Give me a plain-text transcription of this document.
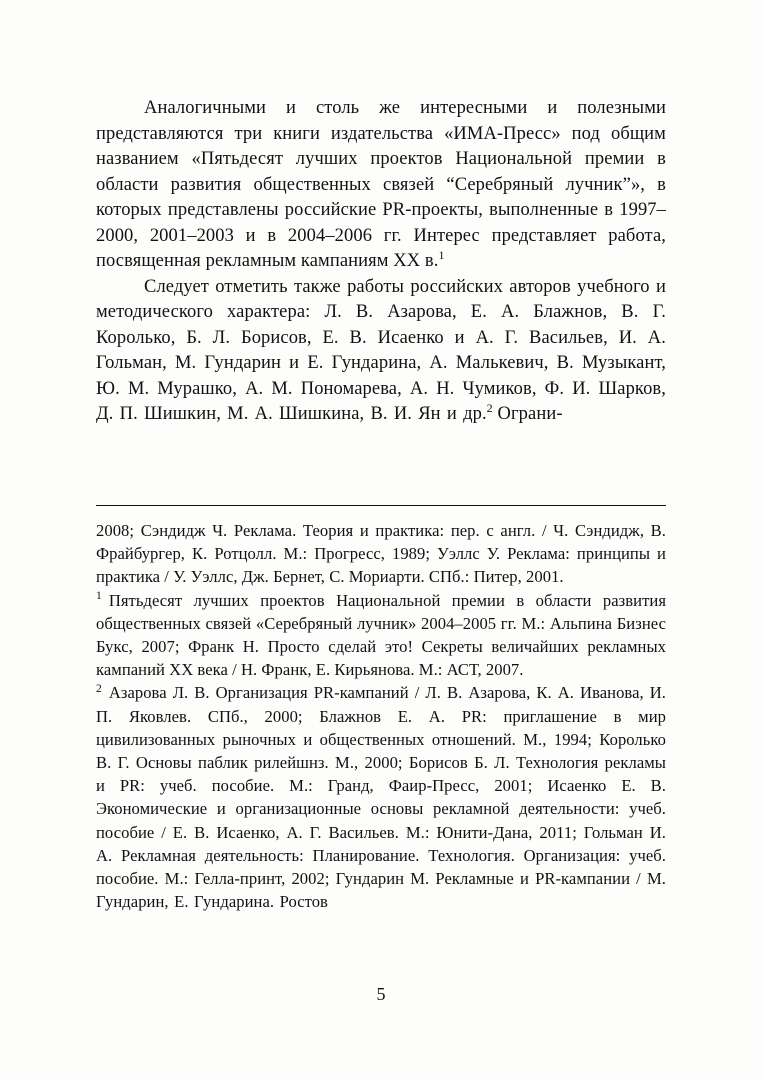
Аналогичными и столь же интересными и полезными представляются три книги издательства «ИМА-Пресс» под общим названием «Пятьдесят лучших проектов Национальной премии в области развития общественных связей “Серебряный лучник”», в которых представлены российские PR-проекты, выполненные в 1997–2000, 2001–2003 и в 2004–2006 гг. Интерес представляет работа, посвященная рекламным кампаниям XX в.$^1$

Следует отметить также работы российских авторов учебного и методического характера: Л. В. Азарова, Е. А. Блажнов, В. Г. Королько, Б. Л. Борисов, Е. В. Исаенко и А. Г. Васильев, И. А. Гольман, М. Гундарин и Е. Гундарина, А. Малькевич, В. Музыкант, Ю. М. Мурашко, А. М. Пономарева, А. Н. Чумиков, Ф. И. Шарков, Д. П. Шишкин, М. А. Шишкина, В. И. Ян и др.$^2$ Ограни-

2008; Сэндидж Ч. Реклама. Теория и практика: пер. с англ. / Ч. Сэндидж, В. Фрайбургер, К. Ротцолл. М.: Прогресс, 1989; Уэллс У. Реклама: принципы и практика / У. Уэллс, Дж. Бернет, С. Мориарти. СПб.: Питер, 2001.

$^1$ Пятьдесят лучших проектов Национальной премии в области развития общественных связей «Серебряный лучник» 2004–2005 гг. М.: Альпина Бизнес Букс, 2007; Франк Н. Просто сделай это! Секреты величайших рекламных кампаний XX века / Н. Франк, Е. Кирьянова. М.: АСТ, 2007.

$^2$ Азарова Л. В. Организация PR-кампаний / Л. В. Азарова, К. А. Иванова, И. П. Яковлев. СПб., 2000; Блажнов Е. А. PR: приглашение в мир цивилизованных рыночных и общественных отношений. М., 1994; Королько В. Г. Основы паблик рилейшнз. М., 2000; Борисов Б. Л. Технология рекламы и PR: учеб. пособие. М.: Гранд, Фаир-Пресс, 2001; Исаенко Е. В. Экономические и организационные основы рекламной деятельности: учеб. пособие / Е. В. Исаенко, А. Г. Васильев. М.: Юнити-Дана, 2011; Гольман И. А. Рекламная деятельность: Планирование. Технология. Организация: учеб. пособие. М.: Гелла-принт, 2002; Гундарин М. Рекламные и PR-кампании / М. Гундарин, Е. Гундарина. Ростов

5
